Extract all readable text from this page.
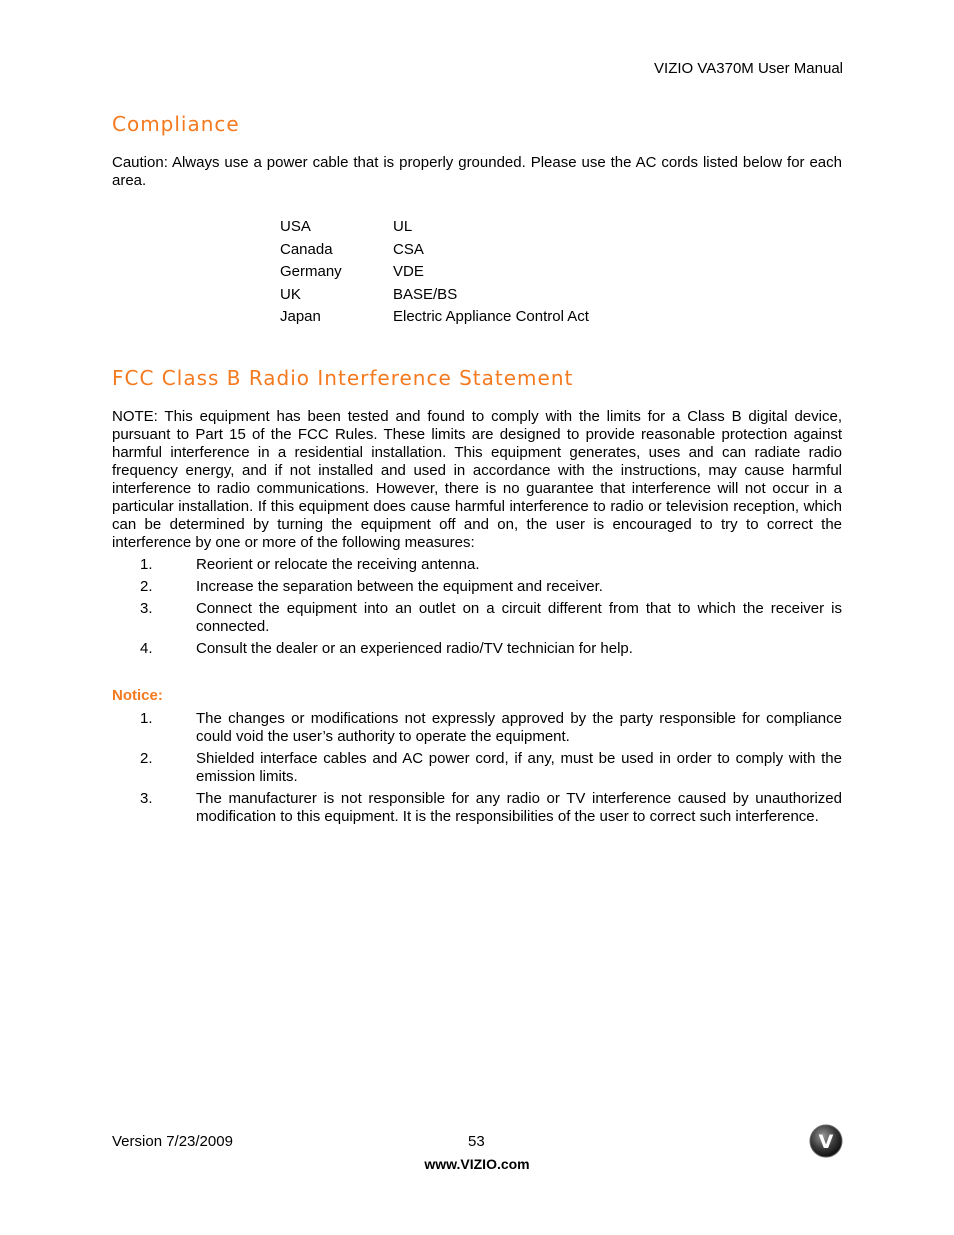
VIZIO VA370M User Manual
Compliance

Caution: Always use a power cable that is properly grounded. Please use the AC cords listed below for each area.

USA	UL
Canada	CSA
Germany	VDE
UK	BASE/BS
Japan	Electric Appliance Control Act
FCC Class B Radio Interference Statement

NOTE: This equipment has been tested and found to comply with the limits for a Class B digital device, pursuant to Part 15 of the FCC Rules. These limits are designed to provide reasonable protection against harmful interference in a residential installation. This equipment generates, uses and can radiate radio frequency energy, and if not installed and used in accordance with the instructions, may cause harmful interference to radio communications. However, there is no guarantee that interference will not occur in a particular installation. If this equipment does cause harmful interference to radio or television reception, which can be determined by turning the equipment off and on, the user is encouraged to try to correct the interference by one or more of the following measures:

1.	Reorient or relocate the receiving antenna.
2.	Increase the separation between the equipment and receiver.
3.	Connect the equipment into an outlet on a circuit different from that to which the receiver is connected.
4.	Consult the dealer or an experienced radio/TV technician for help.
Notice:
1.	The changes or modifications not expressly approved by the party responsible for compliance could void the user’s authority to operate the equipment.
2.	Shielded interface cables and AC power cord, if any, must be used in order to comply with the emission limits.
3.	The manufacturer is not responsible for any radio or TV interference caused by unauthorized modification to this equipment. It is the responsibilities of the user to correct such interference.
Version 7/23/2009	53
www.VIZIO.com
V
